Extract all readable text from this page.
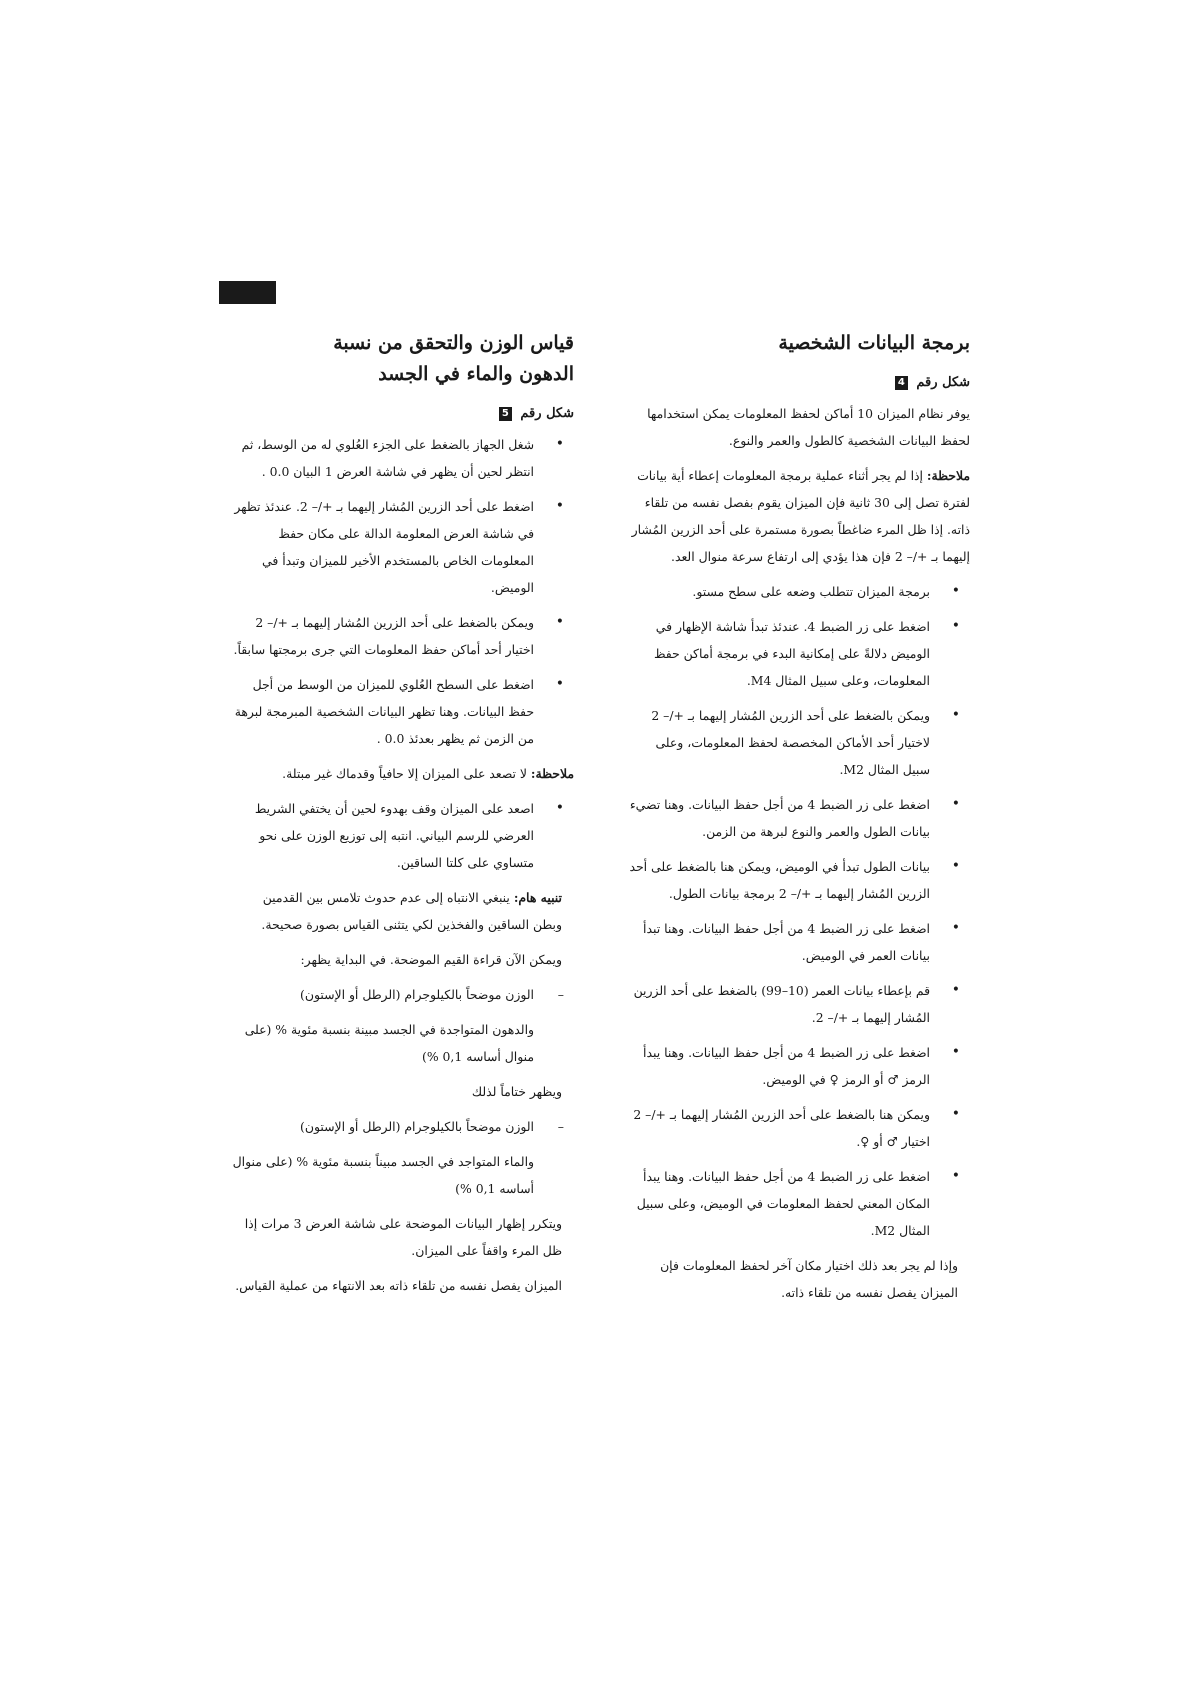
برمجة البيانات الشخصية
شكل رقم 4

يوفر نظام الميزان 10 أماكن لحفظ المعلومات يمكن استخدامها لحفظ البيانات الشخصية كالطول والعمر والنوع.

ملاحظة: إذا لم يجر أثناء عملية برمجة المعلومات إعطاء أية بيانات لفترة تصل إلى 30 ثانية فإن الميزان يقوم بفصل نفسه من تلقاء ذاته. إذا ظل المرء ضاغطاً بصورة مستمرة على أحد الزرين المُشار إليهما بـ +/– 2 فإن هذا يؤدي إلى ارتفاع سرعة منوال العد.

• برمجة الميزان تتطلب وضعه على سطح مستو.
• اضغط على زر الضبط 4. عندئذ تبدأ شاشة الإظهار في الوميض دلالةً على إمكانية البدء في برمجة أماكن حفظ المعلومات، وعلى سبيل المثال M4.
• ويمكن بالضغط على أحد الزرين المُشار إليهما بـ +/– 2 لاختيار أحد الأماكن المخصصة لحفظ المعلومات، وعلى سبيل المثال M2.
• اضغط على زر الضبط 4 من أجل حفظ البيانات. وهنا تضيء بيانات الطول والعمر والنوع لبرهة من الزمن.
• بيانات الطول تبدأ في الوميض، ويمكن هنا بالضغط على أحد الزرين المُشار إليهما بـ +/– 2 برمجة بيانات الطول.
• اضغط على زر الضبط 4 من أجل حفظ البيانات. وهنا تبدأ بيانات العمر في الوميض.
• قم بإعطاء بيانات العمر (10–99) بالضغط على أحد الزرين المُشار إليهما بـ +/– 2.
• اضغط على زر الضبط 4 من أجل حفظ البيانات. وهنا يبدأ الرمز ♂ أو الرمز ♀ في الوميض.
• ويمكن هنا بالضغط على أحد الزرين المُشار إليهما بـ +/– 2 اختيار ♂ أو ♀.
• اضغط على زر الضبط 4 من أجل حفظ البيانات. وهنا يبدأ المكان المعني لحفظ المعلومات في الوميض، وعلى سبيل المثال M2.

وإذا لم يجر بعد ذلك اختيار مكان آخر لحفظ المعلومات فإن الميزان يفصل نفسه من تلقاء ذاته.

قياس الوزن والتحقق من نسبة
الدهون والماء في الجسد
شكل رقم 5
• شغل الجهاز بالضغط على الجزء العُلوي له من الوسط، ثم انتظر لحين أن يظهر في شاشة العرض 1 البيان 0.0 .
• اضغط على أحد الزرين المُشار إليهما بـ +/– 2. عندئذ تظهر في شاشة العرض المعلومة الدالة على مكان حفظ المعلومات الخاص بالمستخدم الأخير للميزان وتبدأ في الوميض.
• ويمكن بالضغط على أحد الزرين المُشار إليهما بـ +/– 2 اختيار أحد أماكن حفظ المعلومات التي جرى برمجتها سابقاً.
• اضغط على السطح العُلوي للميزان من الوسط من أجل حفظ البيانات. وهنا تظهر البيانات الشخصية المبرمجة لبرهة من الزمن ثم يظهر بعدئذ 0.0 .

ملاحظة: لا تصعد على الميزان إلا حافياً وقدماك غير مبتلة.

• اصعد على الميزان وقف بهدوء لحين أن يختفي الشريط العرضي للرسم البياني. انتبه إلى توزيع الوزن على نحو متساوي على كلتا الساقين.

تنبيه هام: ينبغي الانتباه إلى عدم حدوث تلامس بين القدمين وبطن الساقين والفخذين لكي يتثنى القياس بصورة صحيحة.

ويمكن الآن قراءة القيم الموضحة. في البداية يظهر:

– الوزن موضحاً بالكيلوجرام (الرطل أو الإستون)

والدهون المتواجدة في الجسد مبينة بنسبة مئوية % (على منوال أساسه 0,1 %)

ويظهر ختاماً لذلك

– الوزن موضحاً بالكيلوجرام (الرطل أو الإستون)

والماء المتواجد في الجسد مبيناً بنسبة مئوية % (على منوال أساسه 0,1 %)

ويتكرر إظهار البيانات الموضحة على شاشة العرض 3 مرات إذا ظل المرء واقفاً على الميزان.

الميزان يفصل نفسه من تلقاء ذاته بعد الانتهاء من عملية القياس.
